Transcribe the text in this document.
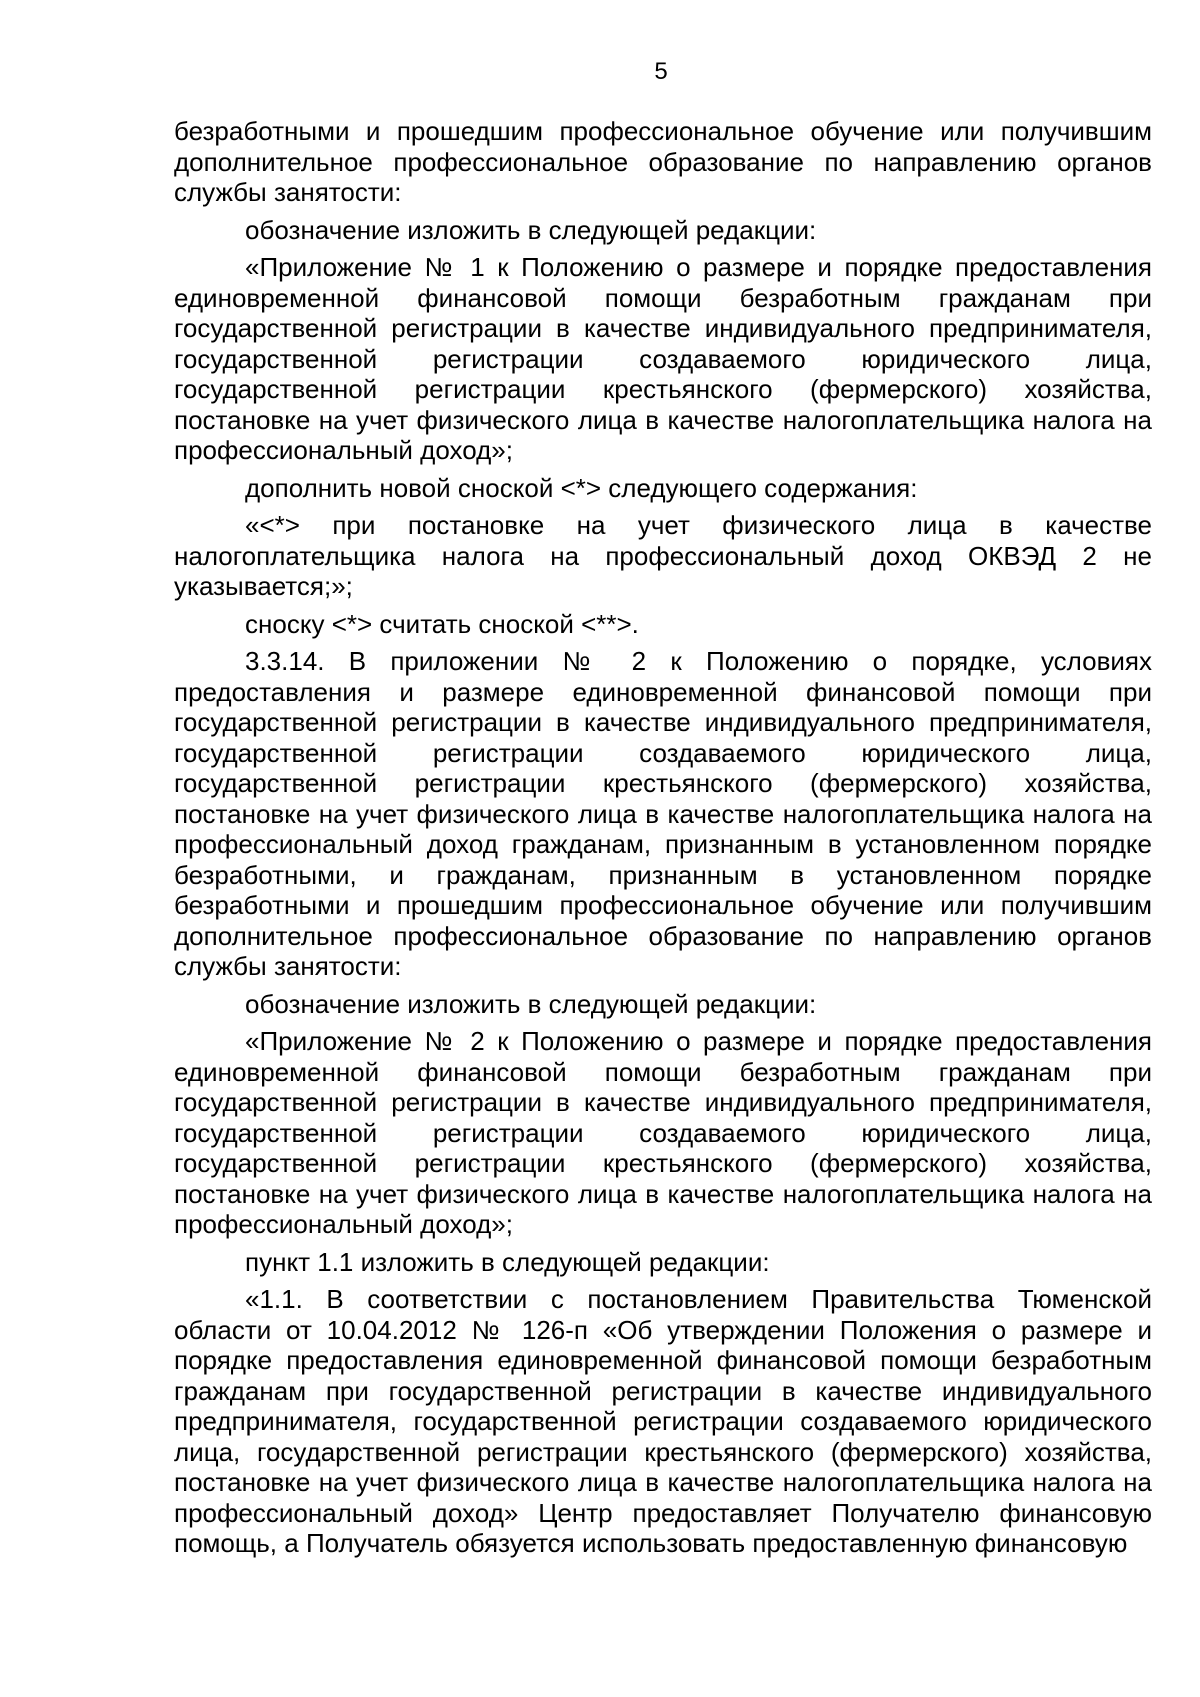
5

безработными и прошедшим профессиональное обучение или получившим дополнительное профессиональное образование по направлению органов службы занятости:

обозначение изложить в следующей редакции:

«Приложение № 1 к Положению о размере и порядке предоставления единовременной финансовой помощи безработным гражданам при государственной регистрации в качестве индивидуального предпринимателя, государственной регистрации создаваемого юридического лица, государственной регистрации крестьянского (фермерского) хозяйства, постановке на учет физического лица в качестве налогоплательщика налога на профессиональный доход»;

дополнить новой сноской <*> следующего содержания:

«<*> при постановке на учет физического лица в качестве налогоплательщика налога на профессиональный доход ОКВЭД 2 не указывается;»;

сноску <*> считать сноской <**>.

3.3.14. В приложении № 2 к Положению о порядке, условиях предоставления и размере единовременной финансовой помощи при государственной регистрации в качестве индивидуального предпринимателя, государственной регистрации создаваемого юридического лица, государственной регистрации крестьянского (фермерского) хозяйства, постановке на учет физического лица в качестве налогоплательщика налога на профессиональный доход гражданам, признанным в установленном порядке безработными, и гражданам, признанным в установленном порядке безработными и прошедшим профессиональное обучение или получившим дополнительное профессиональное образование по направлению органов службы занятости:

обозначение изложить в следующей редакции:

«Приложение № 2 к Положению о размере и порядке предоставления единовременной финансовой помощи безработным гражданам при государственной регистрации в качестве индивидуального предпринимателя, государственной регистрации создаваемого юридического лица, государственной регистрации крестьянского (фермерского) хозяйства, постановке на учет физического лица в качестве налогоплательщика налога на профессиональный доход»;

пункт 1.1 изложить в следующей редакции:

«1.1. В соответствии с постановлением Правительства Тюменской области от 10.04.2012 № 126-п «Об утверждении Положения о размере и порядке предоставления единовременной финансовой помощи безработным гражданам при государственной регистрации в качестве индивидуального предпринимателя, государственной регистрации создаваемого юридического лица, государственной регистрации крестьянского (фермерского) хозяйства, постановке на учет физического лица в качестве налогоплательщика налога на профессиональный доход» Центр предоставляет Получателю финансовую помощь, а Получатель обязуется использовать предоставленную финансовую
